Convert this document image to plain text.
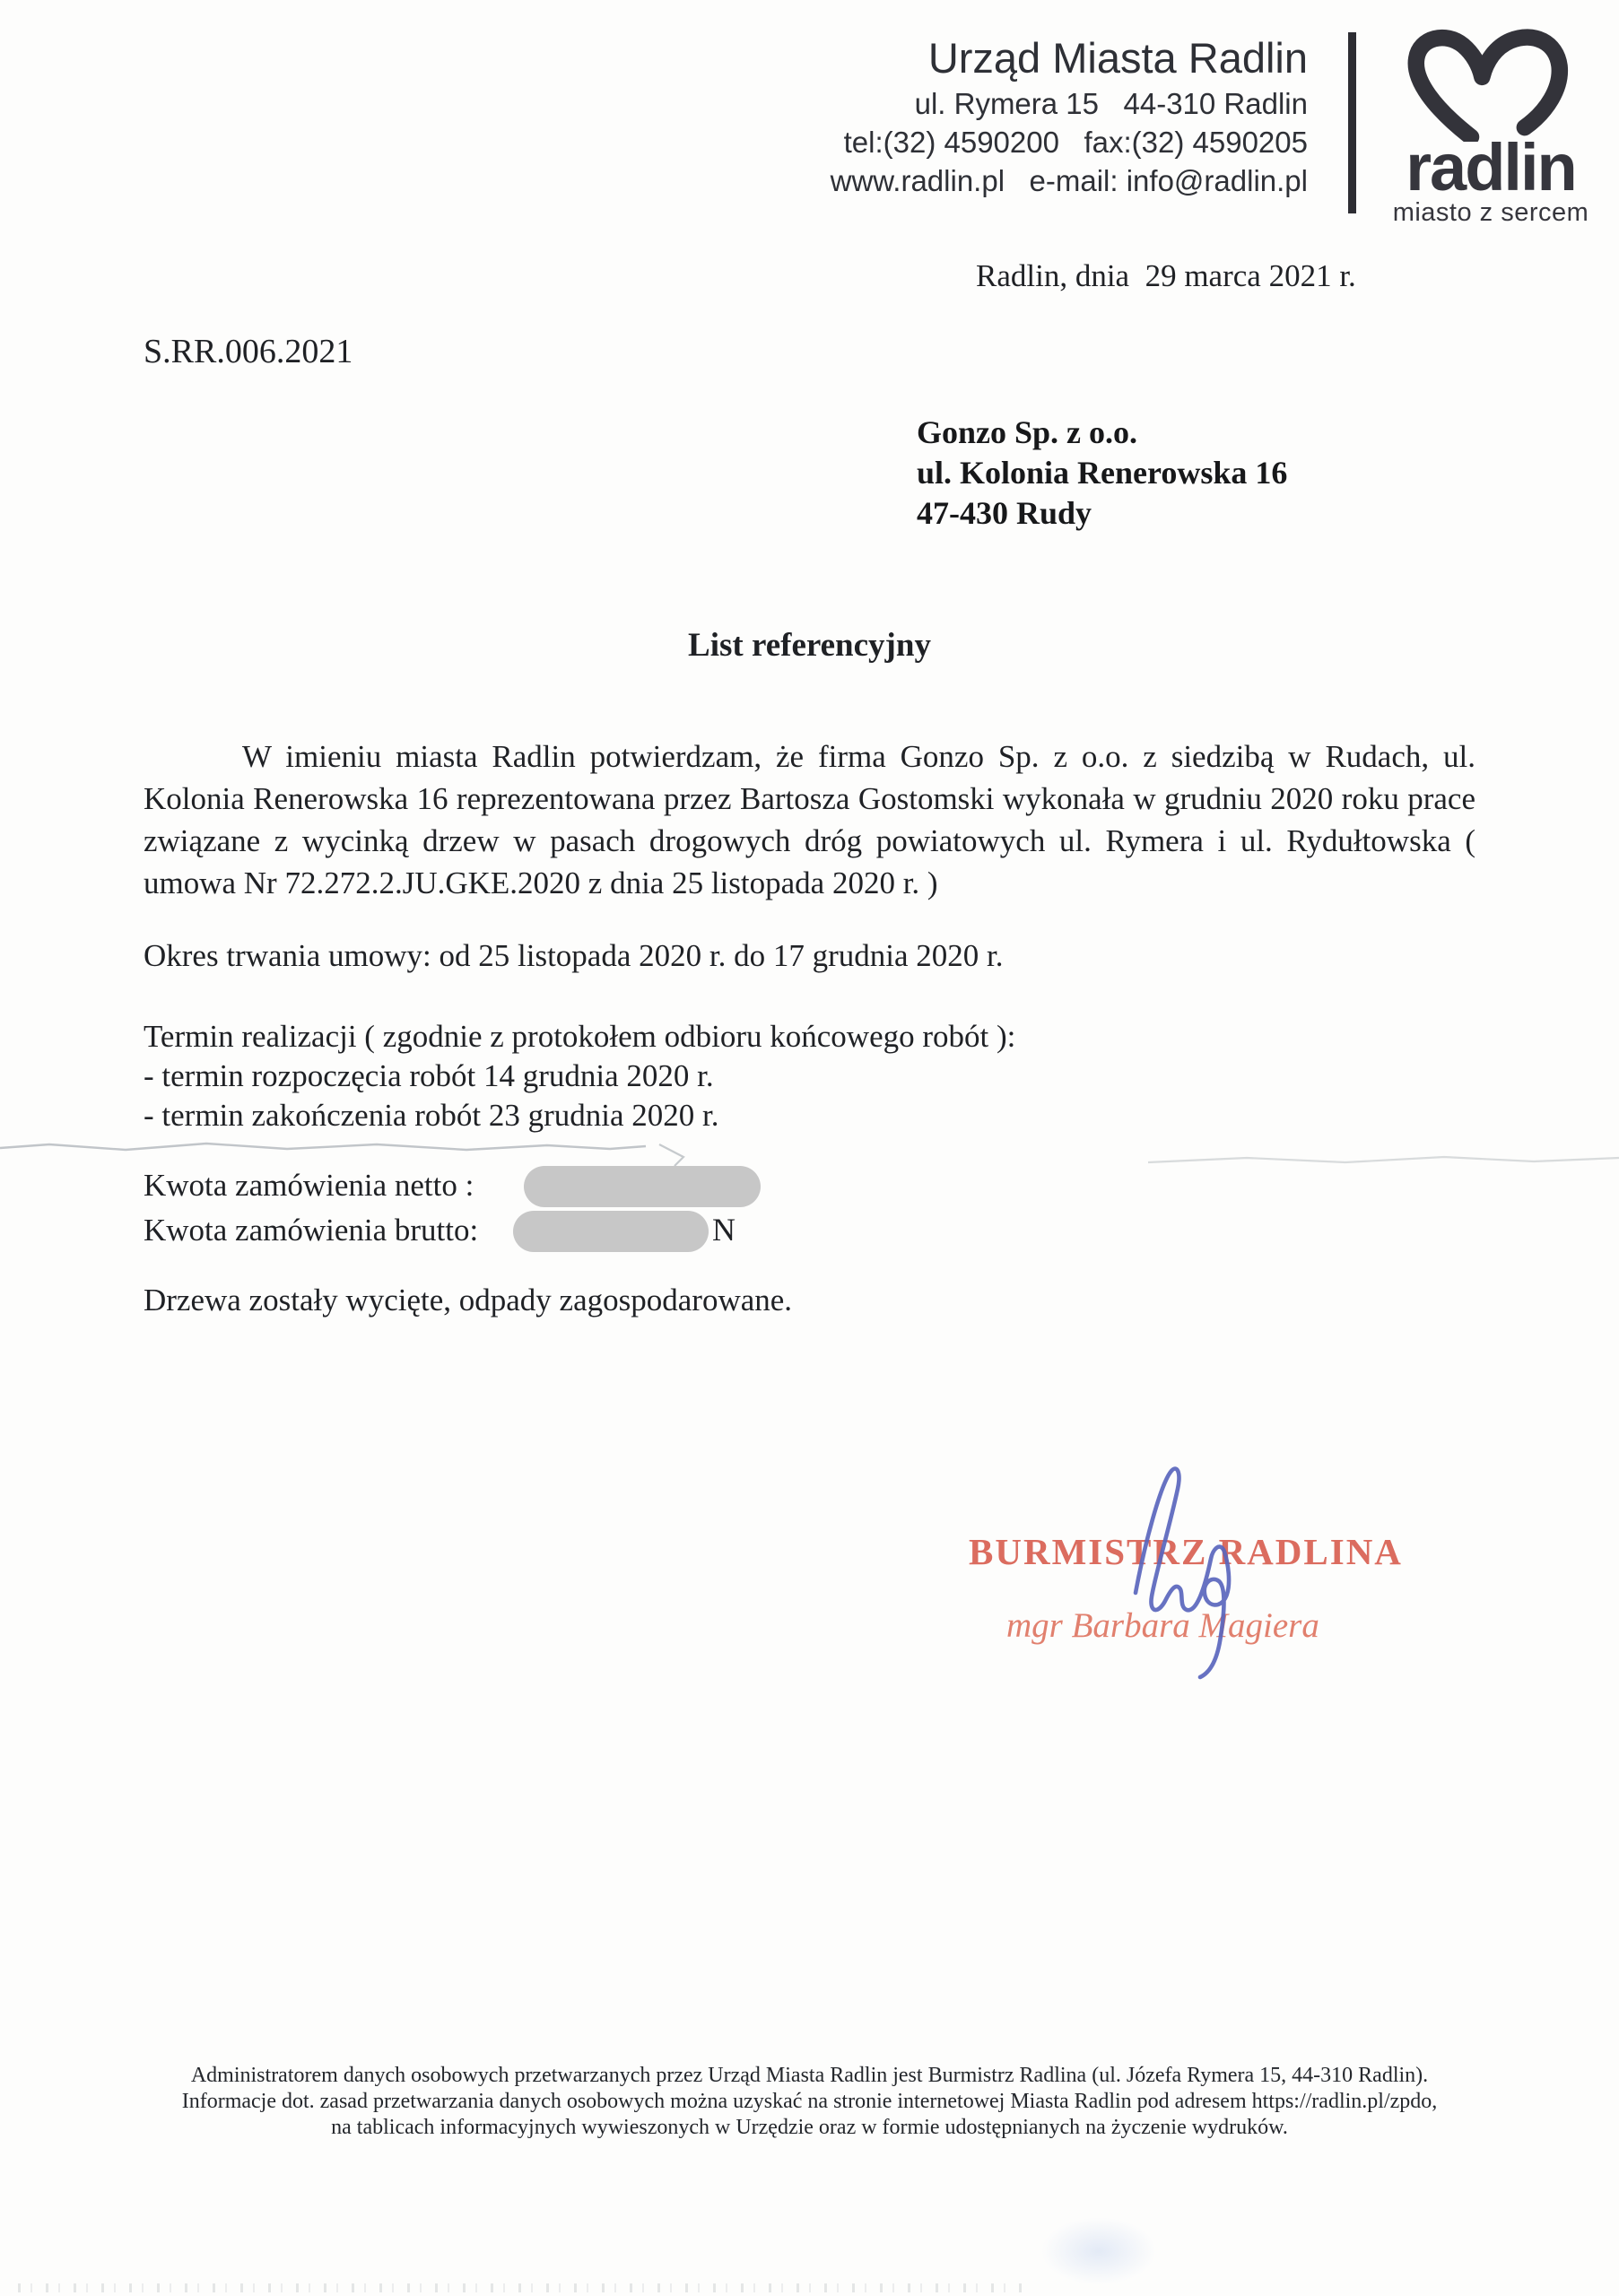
Urząd Miasta Radlin
ul. Rymera 15   44-310 Radlin
tel:(32) 4590200   fax:(32) 4590205
www.radlin.pl   e-mail: info@radlin.pl	radlin
miasto z sercem
Radlin, dnia  29 marca 2021 r.
S.RR.006.2021
Gonzo Sp. z o.o.
ul. Kolonia Renerowska 16
47-430 Rudy
List referencyjny
W imieniu miasta Radlin potwierdzam, że firma Gonzo Sp. z o.o. z siedzibą w Rudach, ul. Kolonia Renerowska 16 reprezentowana przez Bartosza Gostomski wykonała w grudniu 2020 roku prace związane z wycinką drzew w pasach drogowych dróg powiatowych ul. Rymera i ul. Rydułtowska ( umowa Nr 72.272.2.JU.GKE.2020 z dnia 25 listopada 2020 r. )
Okres trwania umowy: od 25 listopada 2020 r. do 17 grudnia 2020 r.
Termin realizacji ( zgodnie z protokołem odbioru końcowego robót ):
- termin rozpoczęcia robót 14 grudnia 2020 r.
- termin zakończenia robót 23 grudnia 2020 r.
Kwota zamówienia netto :
Kwota zamówienia brutto:	N
Drzewa zostały wycięte, odpady zagospodarowane.
BURMISTRZ RADLINA
mgr Barbara Magiera
Administratorem danych osobowych przetwarzanych przez Urząd Miasta Radlin jest Burmistrz Radlina (ul. Józefa Rymera 15, 44-310 Radlin).
Informacje dot. zasad przetwarzania danych osobowych można uzyskać na stronie internetowej Miasta Radlin pod adresem https://radlin.pl/zpdo,
na tablicach informacyjnych wywieszonych w Urzędzie oraz w formie udostępnianych na życzenie wydruków.
